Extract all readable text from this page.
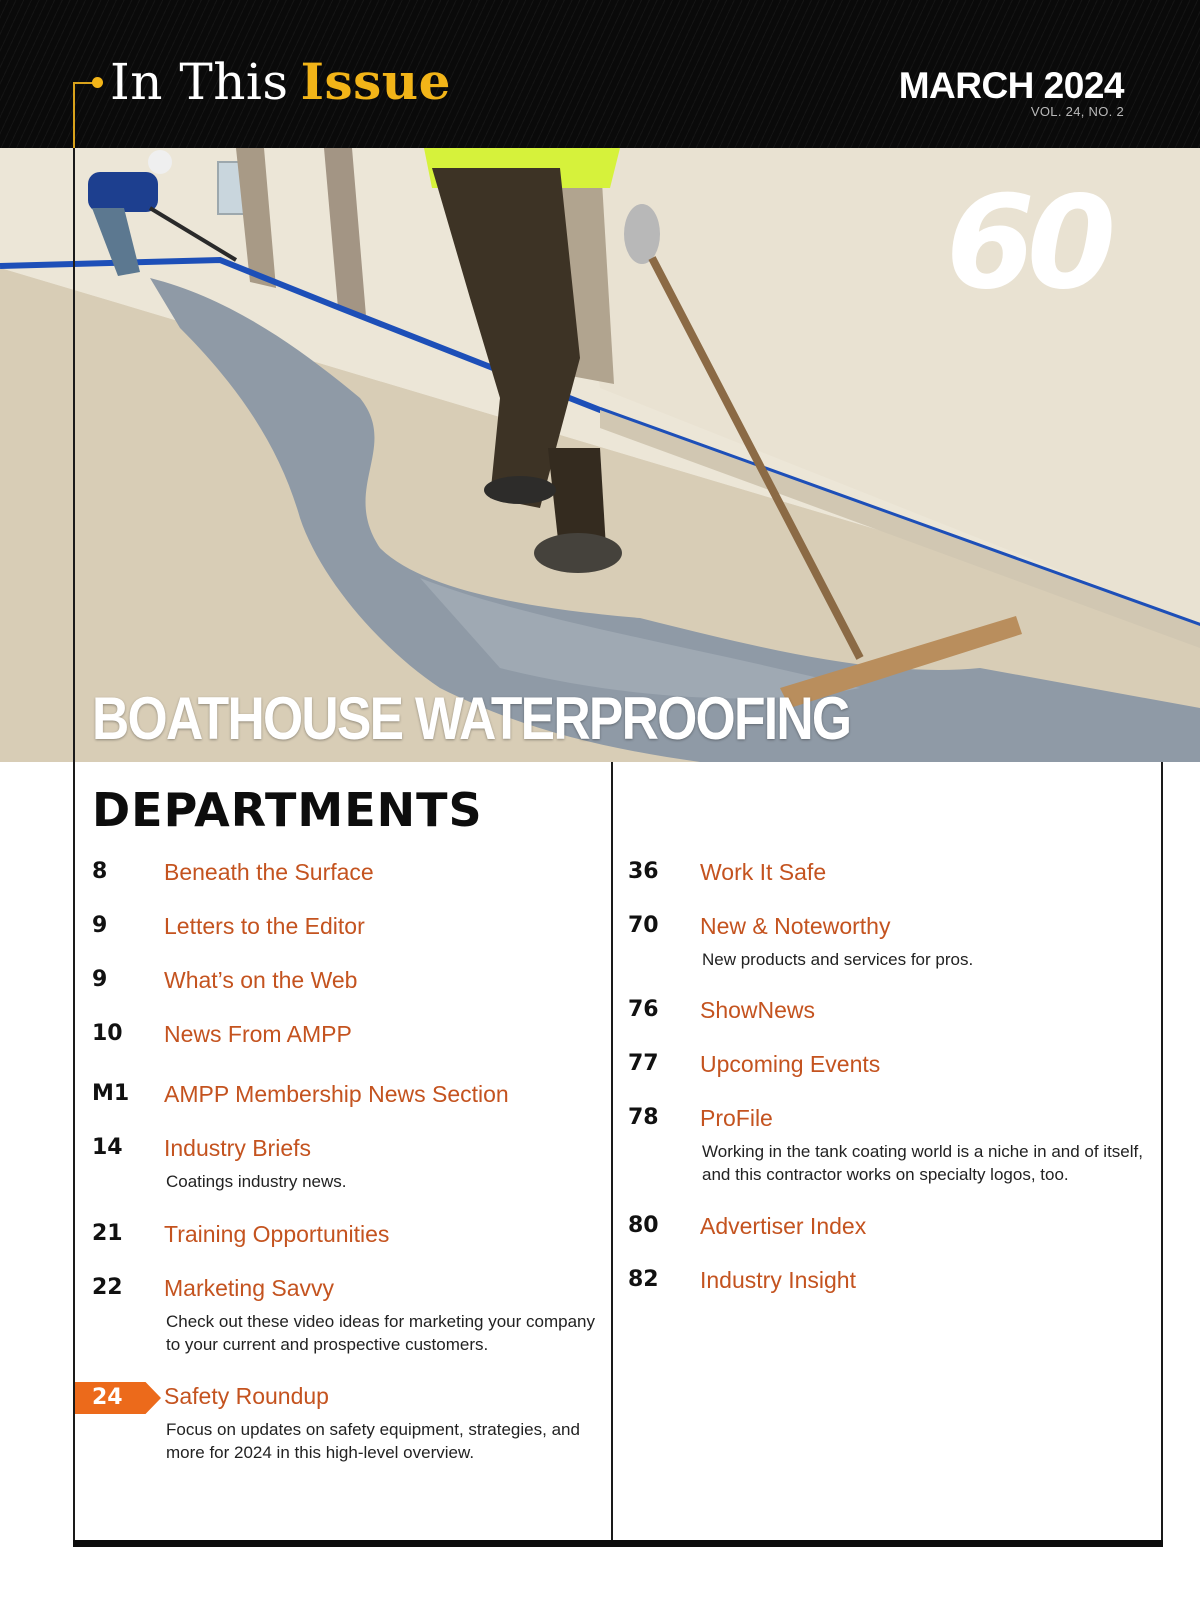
In This Issue	MARCH 2024
VOL. 24, NO. 2
60
BOATHOUSE WATERPROOFING
DEPARTMENTS
8	Beneath the Surface
9	Letters to the Editor
9	What’s on the Web
10	News From AMPP
M1	AMPP Membership News Section
14	Industry Briefs
Coatings industry news.
21	Training Opportunities
22	Marketing Savvy
Check out these video ideas for marketing your company to your current and prospective customers.
24	Safety Roundup
Focus on updates on safety equipment, strategies, and more for 2024 in this high-level overview.
36	Work It Safe
70	New & Noteworthy
New products and services for pros.
76	ShowNews
77	Upcoming Events
78	ProFile
Working in the tank coating world is a niche in and of itself, and this contractor works on specialty logos, too.
80	Advertiser Index
82	Industry Insight
